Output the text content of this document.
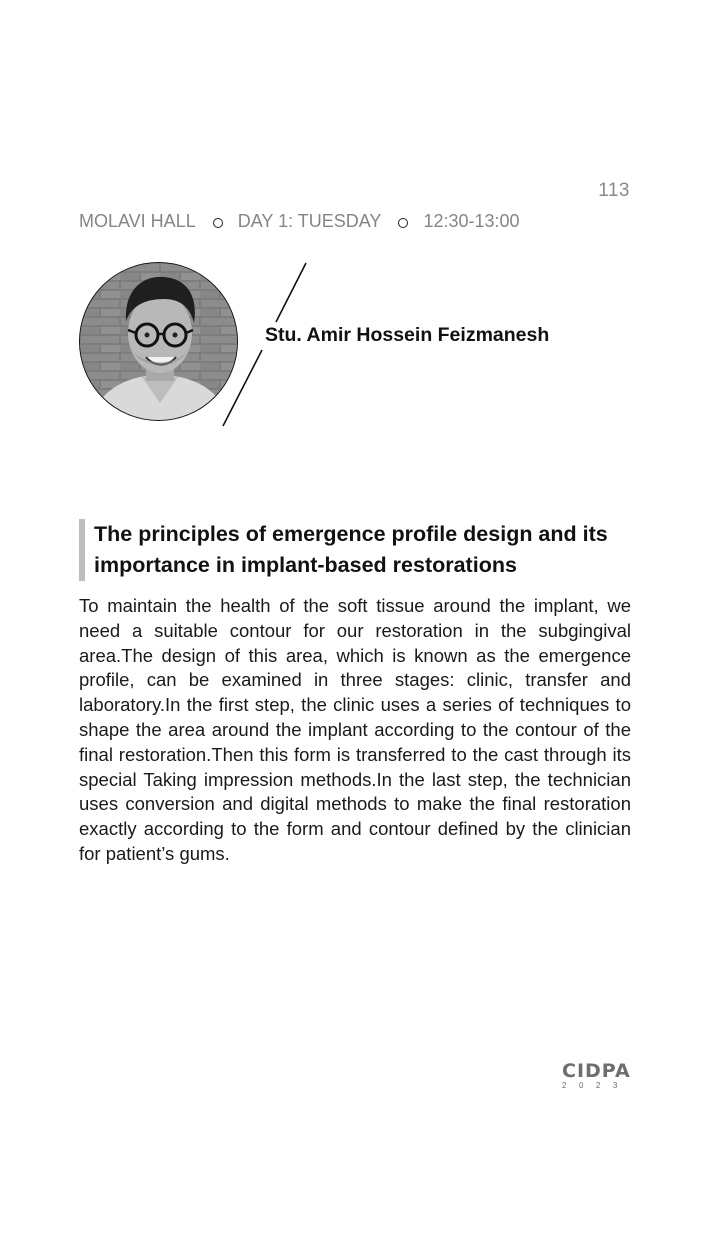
113
MOLAVI HALL DAY 1: TUESDAY 12:30-13:00
Stu. Amir Hossein Feizmanesh
The principles of emergence profile design and its importance in implant-based restorations

To maintain the health of the soft tissue around the implant, we need a suitable contour for our restoration in the subgingival area.The design of this area, which is known as the emergence profile, can be examined in three stages: clinic, transfer and laboratory.In the first step, the clinic uses a series of techniques to shape the area around the implant according to the contour of the final restoration.Then this form is transferred to the cast through its special Taking impression methods.In the last step, the technician uses conversion and digital methods to make the final restoration exactly according to the form and contour defined by the clinician for patient’s gums.

CIDPA
2023
